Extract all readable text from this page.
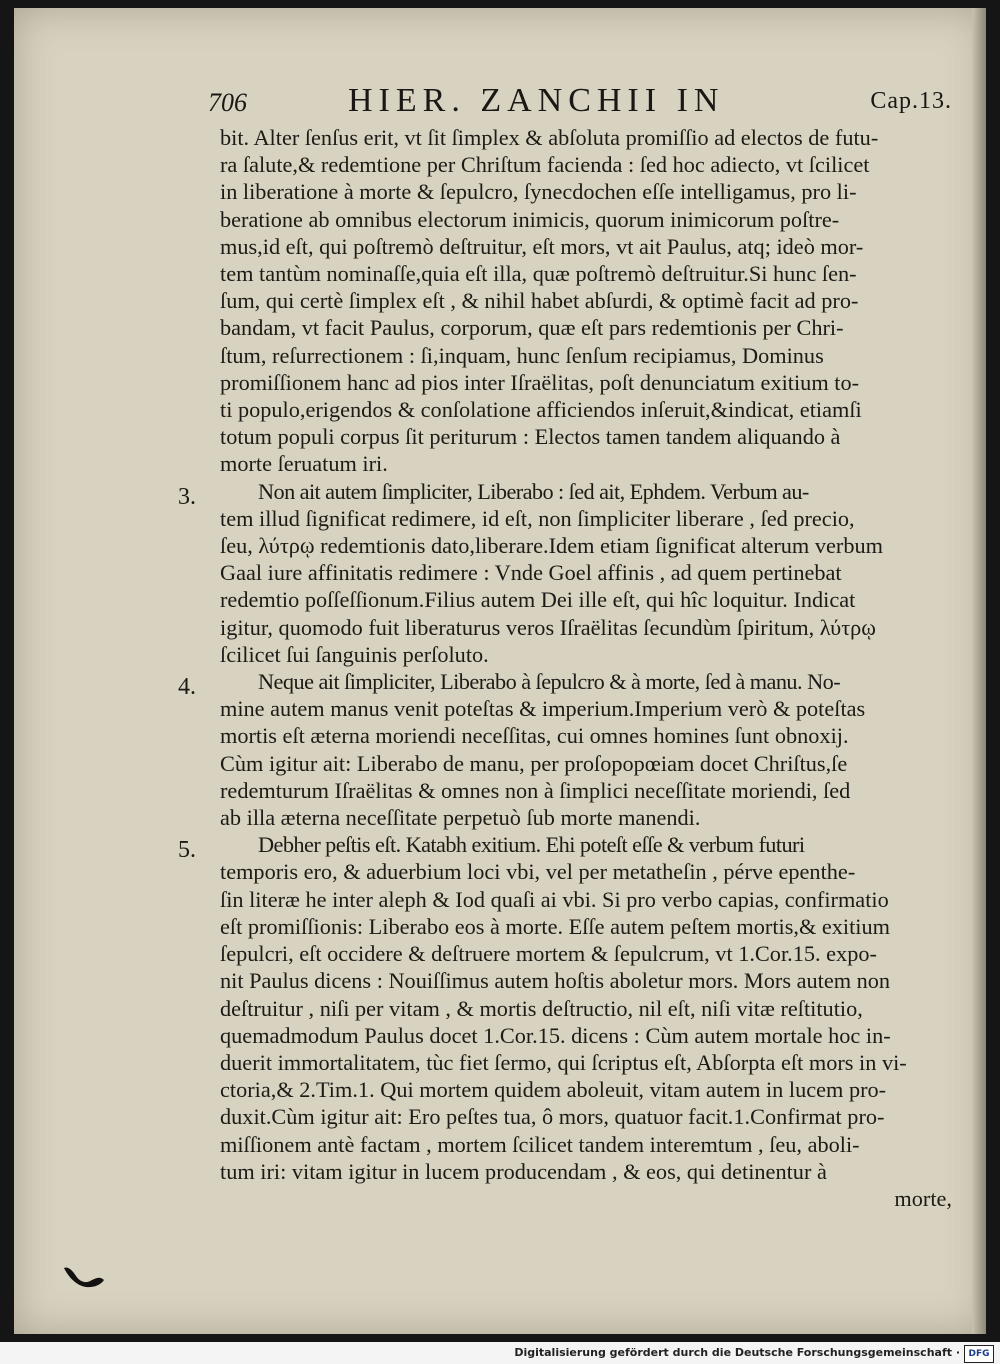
706	HIER. ZANCHII IN	Cap.13.
bit. Alter ſenſus erit, vt ſit ſimplex & abſoluta promiſſio ad electos de futu-
ra ſalute,& redemtione per Chriſtum facienda : ſed hoc adiecto, vt ſcilicet
in liberatione à morte & ſepulcro, ſynecdochen eſſe intelligamus, pro li-
beratione ab omnibus electorum inimicis, quorum inimicorum poſtre-
mus,id eſt, qui poſtremò deſtruitur, eſt mors, vt ait Paulus, atq; ideò mor-
tem tantùm nominaſſe,quia eſt illa, quæ poſtremò deſtruitur.Si hunc ſen-
ſum, qui certè ſimplex eſt , & nihil habet abſurdi, & optimè facit ad pro-
bandam, vt facit Paulus, corporum, quæ eſt pars redemtionis per Chri-
ſtum, reſurrectionem : ſi,inquam, hunc ſenſum recipiamus, Dominus
promiſſionem hanc ad pios inter Iſraëlitas, poſt denunciatum exitium to-
ti populo,erigendos & conſolatione afficiendos inſeruit,&indicat, etiamſi
totum populi corpus ſit periturum : Electos tamen tandem aliquando à
morte ſeruatum iri.
Non ait autem ſimpliciter, Liberabo : ſed ait, Ephdem. Verbum au-
tem illud ſignificat redimere, id eſt, non ſimpliciter liberare , ſed precio,
ſeu, λύτρῳ redemtionis dato,liberare.Idem etiam ſignificat alterum verbum
Gaal iure affinitatis redimere : Vnde Goel affinis , ad quem pertinebat
redemtio poſſeſſionum.Filius autem Dei ille eſt, qui hîc loquitur. Indicat
igitur, quomodo fuit liberaturus veros Iſraëlitas ſecundùm ſpiritum, λύτρῳ
ſcilicet ſui ſanguinis perſoluto.
Neque ait ſimpliciter, Liberabo à ſepulcro & à morte, ſed à manu. No-
mine autem manus venit poteſtas & imperium.Imperium verò & poteſtas
mortis eſt æterna moriendi neceſſitas, cui omnes homines ſunt obnoxij.
Cùm igitur ait: Liberabo de manu, per proſopopœiam docet Chriſtus,ſe
redemturum Iſraëlitas & omnes non à ſimplici neceſſitate moriendi, ſed
ab illa æterna neceſſitate perpetuò ſub morte manendi.
Debher peſtis eſt. Katabh exitium. Ehi poteſt eſſe & verbum futuri
temporis ero, & aduerbium loci vbi, vel per metatheſin , pérve epenthe-
ſin literæ he inter aleph & Iod quaſi ai vbi. Si pro verbo capias, confirmatio
eſt promiſſionis: Liberabo eos à morte. Eſſe autem peſtem mortis,& exitium
ſepulcri, eſt occidere & deſtruere mortem & ſepulcrum, vt 1.Cor.15. expo-
nit Paulus dicens : Nouiſſimus autem hoſtis aboletur mors. Mors autem non
deſtruitur , niſi per vitam , & mortis deſtructio, nil eſt, niſi vitæ reſtitutio,
quemadmodum Paulus docet 1.Cor.15. dicens : Cùm autem mortale hoc in-
duerit immortalitatem, tùc fiet ſermo, qui ſcriptus eſt, Abſorpta eſt mors in vi-
ctoria,& 2.Tim.1. Qui mortem quidem aboleuit, vitam autem in lucem pro-
duxit.Cùm igitur ait: Ero peſtes tua, ô mors, quatuor facit.1.Confirmat pro-
miſſionem antè factam , mortem ſcilicet tandem interemtum , ſeu, aboli-
tum iri: vitam igitur in lucem producendam , & eos, qui detinentur à
morte,
3.
4.
5.
Digitalisierung gefördert durch die Deutsche Forschungsgemeinschaft · DFG
